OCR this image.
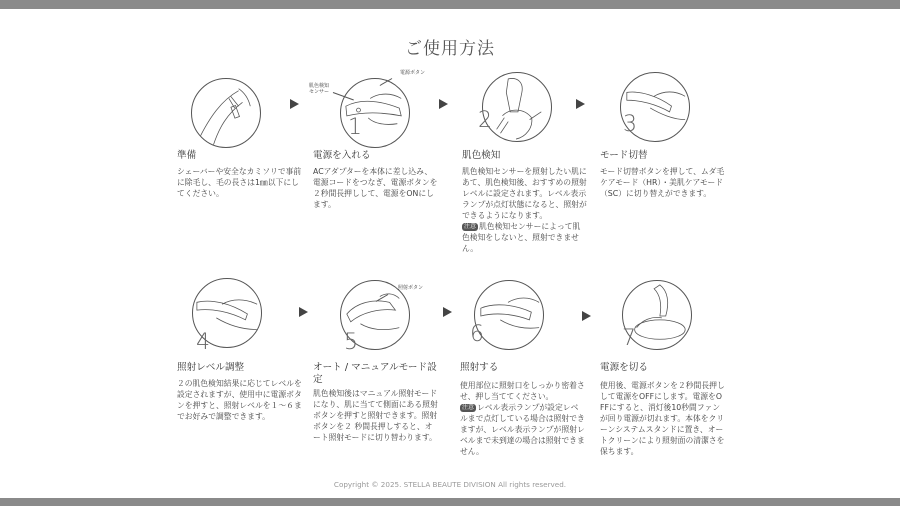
ご使用方法
1
肌色検知
センサー
電源ボタン
2	3
準備

シェーバーや安全なカミソリで事前に除毛し、毛の長さは1㎜以下にしてください。

電源を入れる

ACアダプターを本体に差し込み、電源コードをつなぎ、電源ボタンを２秒間長押しして、電源をONにします。

肌色検知

肌色検知センサーを照射したい肌にあて、肌色検知後、おすすめの照射レベルに設定されます。レベル表示ランプが点灯状態になると、照射ができるようになります。

注意 肌色検知センサーによって肌色検知をしないと、照射できません。

モード切替

モード切替ボタンを押して、ムダ毛ケアモード（HR）・美肌ケアモード（SC）に切り替えができます。

4	5
照射ボタン
6	7
照射レベル調整

２の肌色検知結果に応じてレベルを設定されますが、使用中に電源ボタンを押すと、照射レベルを１～６までお好みで調整できます。

オート / マニュアルモード設定

肌色検知後はマニュアル照射モードになり、肌に当てて側面にある照射ボタンを押すと照射できます。照射ボタンを２ 秒間長押しすると、オート照射モードに切り替わります。

照射する

使用部位に照射口をしっかり密着させ、押し当ててください。

注意 レベル表示ランプが設定レベルまで点灯している場合は照射できますが、レベル表示ランプが照射レベルまで未到達の場合は照射できません。

電源を切る

使用後、電源ボタンを２秒間長押しして電源をOFFにします。電源をOFFにすると、消灯後10秒間ファンが回り電源が切れます。本体をクリーンシステムスタンドに置き、オートクリーンにより照射面の清潔さを保ちます。

Copyright © 2025. STELLA BEAUTE DIVISION All rights reserved.
